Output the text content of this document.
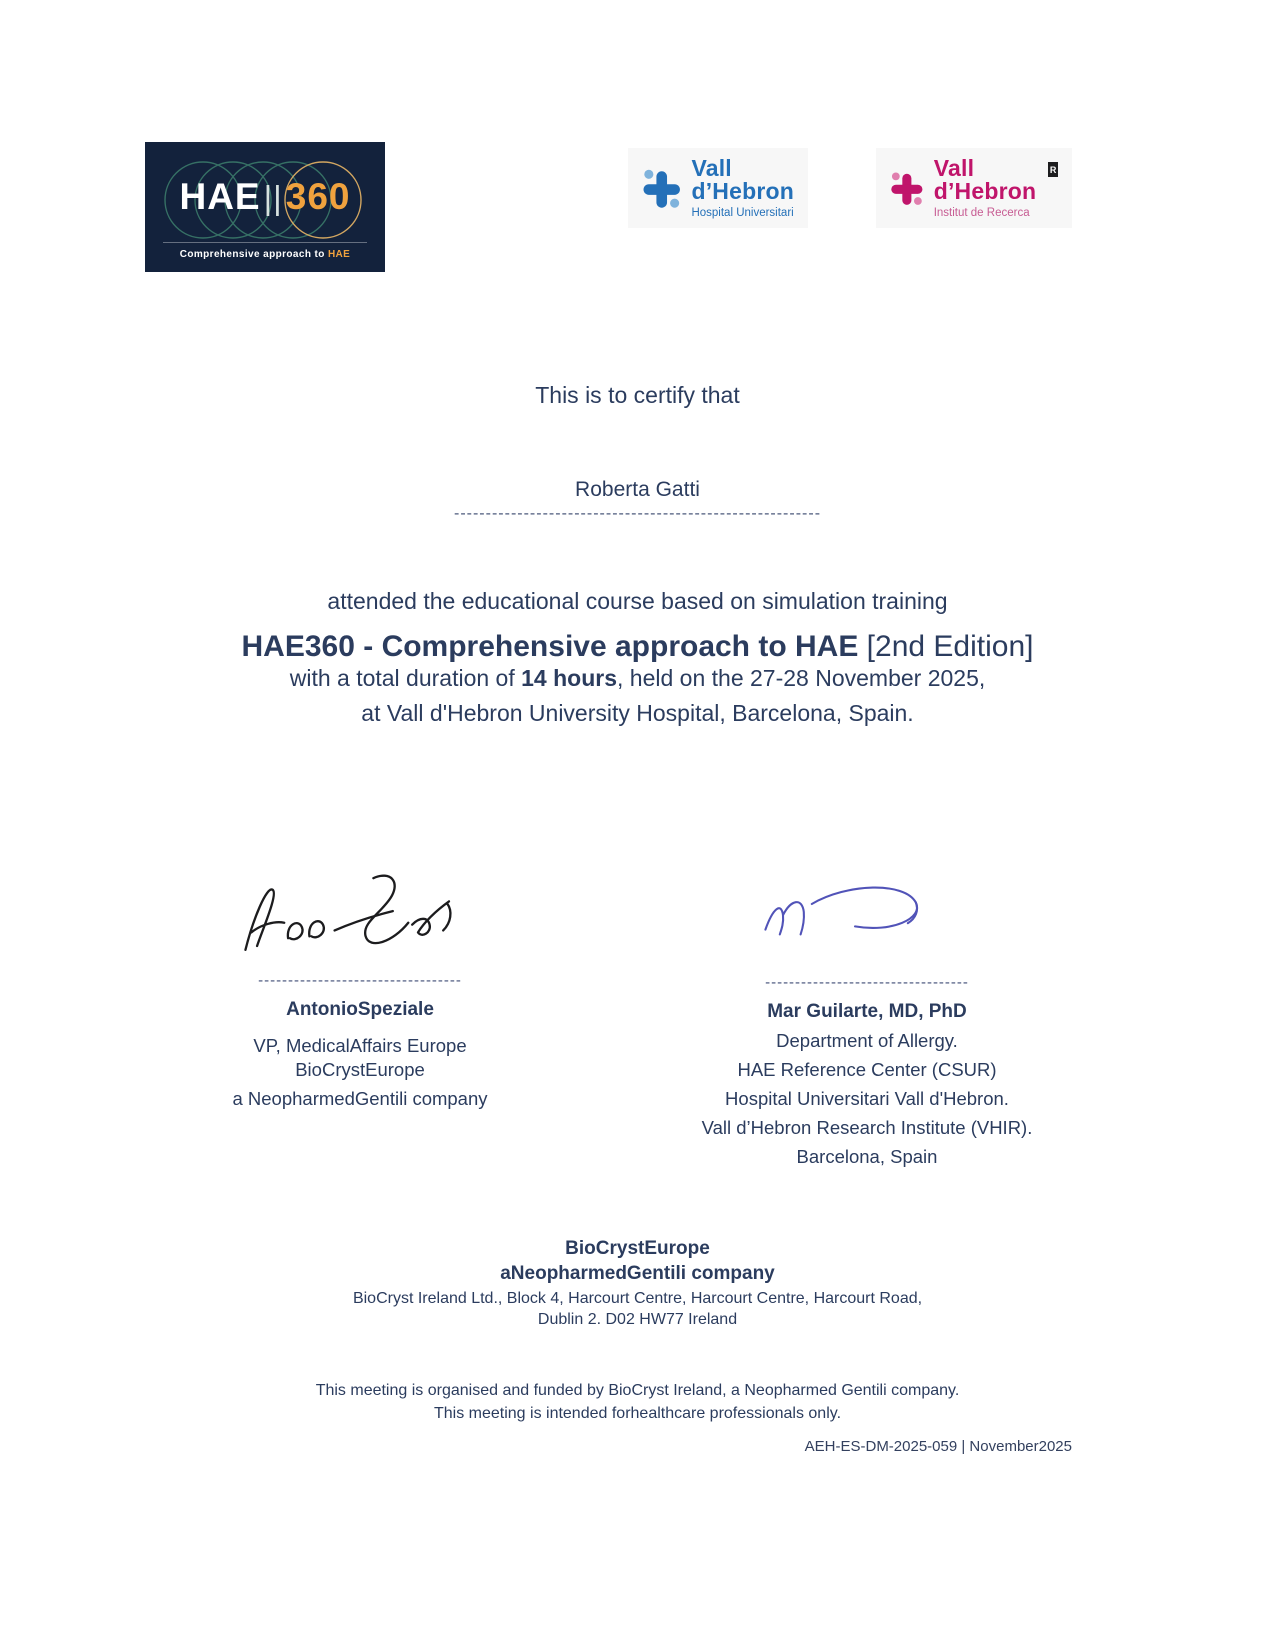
HAE||360
Comprehensive approach to HAE
Vall
d’Hebron
Hospital Universitari
Vall
d’Hebron
Institut de Recerca
R
This is to certify that
Roberta Gatti
----------------------------------------------------------
attended the educational course based on simulation training
HAE360 - Comprehensive approach to HAE [2nd Edition]
with a total duration of 14 hours, held on the 27-28 November 2025,
at Vall d'Hebron University Hospital, Barcelona, Spain.
----------------------------------
AntonioSpeziale
VP, MedicalAffairs Europe
BioCrystEurope
a NeopharmedGentili company
----------------------------------
Mar Guilarte, MD, PhD
Department of Allergy.
HAE Reference Center (CSUR)
Hospital Universitari Vall d'Hebron.
Vall d’Hebron Research Institute (VHIR).
Barcelona, Spain
BioCrystEurope
aNeopharmedGentili company
BioCryst Ireland Ltd., Block 4, Harcourt Centre, Harcourt Centre, Harcourt Road,
Dublin 2. D02 HW77 Ireland
This meeting is organised and funded by BioCryst Ireland, a Neopharmed Gentili company.
This meeting is intended forhealthcare professionals only.
AEH-ES-DM-2025-059 | November2025
